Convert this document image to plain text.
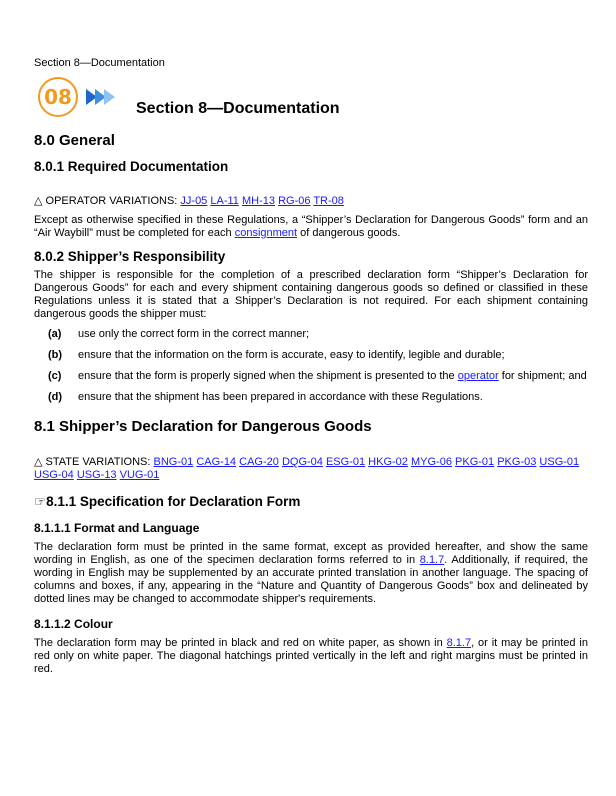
Section 8—Documentation
08	Section 8—Documentation
8.0 General
8.0.1 Required Documentation
△ OPERATOR VARIATIONS: JJ-05 LA-11 MH-13 RG-06 TR-08

Except as otherwise specified in these Regulations, a “Shipper’s Declaration for Dangerous Goods” form and an “Air Waybill” must be completed for each consignment of dangerous goods.

8.0.2 Shipper’s Responsibility

The shipper is responsible for the completion of a prescribed declaration form “Shipper’s Declaration for Dangerous Goods” for each and every shipment containing dangerous goods so defined or classified in these Regulations unless it is stated that a Shipper’s Declaration is not required. For each shipment containing dangerous goods the shipper must:

(a)	use only the correct form in the correct manner;
(b)	ensure that the information on the form is accurate, easy to identify, legible and durable;
(c)	ensure that the form is properly signed when the shipment is presented to the operator for shipment; and
(d)	ensure that the shipment has been prepared in accordance with these Regulations.
8.1 Shipper’s Declaration for Dangerous Goods
△ STATE VARIATIONS: BNG-01 CAG-14 CAG-20 DQG-04 ESG-01 HKG-02 MYG-06 PKG-01 PKG-03 USG-01 USG-04 USG-13 VUG-01
☞8.1.1 Specification for Declaration Form
8.1.1.1 Format and Language

The declaration form must be printed in the same format, except as provided hereafter, and show the same wording in English, as one of the specimen declaration forms referred to in 8.1.7. Additionally, if required, the wording in English may be supplemented by an accurate printed translation in another language. The spacing of columns and boxes, if any, appearing in the “Nature and Quantity of Dangerous Goods” box and delineated by dotted lines may be changed to accommodate shipper's requirements.

8.1.1.2 Colour

The declaration form may be printed in black and red on white paper, as shown in 8.1.7, or it may be printed in red only on white paper. The diagonal hatchings printed vertically in the left and right margins must be printed in red.
